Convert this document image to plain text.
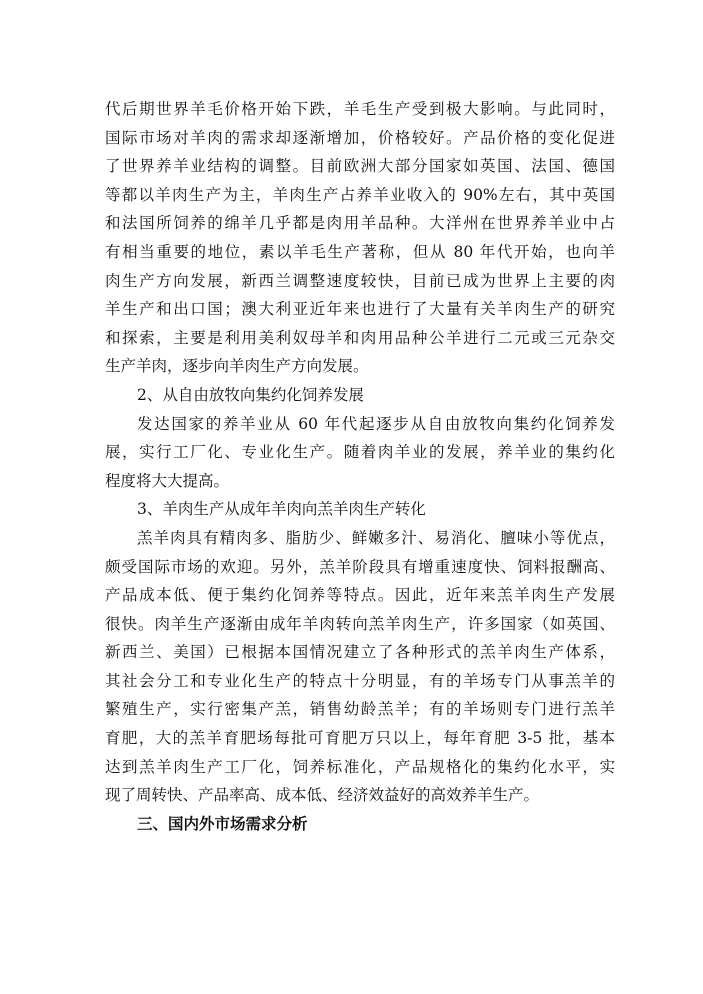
代后期世界羊毛价格开始下跌，羊毛生产受到极大影响。与此同时，
国际市场对羊肉的需求却逐渐增加，价格较好。产品价格的变化促进
了世界养羊业结构的调整。目前欧洲大部分国家如英国、法国、德国
等都以羊肉生产为主，羊肉生产占养羊业收入的 90%左右，其中英国
和法国所饲养的绵羊几乎都是肉用羊品种。大洋州在世界养羊业中占
有相当重要的地位，素以羊毛生产著称，但从 80 年代开始，也向羊
肉生产方向发展，新西兰调整速度较快，目前已成为世界上主要的肉
羊生产和出口国；澳大利亚近年来也进行了大量有关羊肉生产的研究
和探索，主要是利用美利奴母羊和肉用品种公羊进行二元或三元杂交
生产羊肉，逐步向羊肉生产方向发展。
2、从自由放牧向集约化饲养发展
发达国家的养羊业从 60 年代起逐步从自由放牧向集约化饲养发
展，实行工厂化、专业化生产。随着肉羊业的发展，养羊业的集约化
程度将大大提高。
3、羊肉生产从成年羊肉向羔羊肉生产转化
羔羊肉具有精肉多、脂肪少、鲜嫩多汁、易消化、膻味小等优点，
颇受国际市场的欢迎。另外，羔羊阶段具有增重速度快、饲料报酬高、
产品成本低、便于集约化饲养等特点。因此，近年来羔羊肉生产发展
很快。肉羊生产逐渐由成年羊肉转向羔羊肉生产，许多国家（如英国、
新西兰、美国）已根据本国情况建立了各种形式的羔羊肉生产体系，
其社会分工和专业化生产的特点十分明显，有的羊场专门从事羔羊的
繁殖生产，实行密集产羔，销售幼龄羔羊；有的羊场则专门进行羔羊
育肥，大的羔羊育肥场每批可育肥万只以上，每年育肥 3-5 批，基本
达到羔羊肉生产工厂化，饲养标准化，产品规格化的集约化水平，实
现了周转快、产品率高、成本低、经济效益好的高效养羊生产。
三、国内外市场需求分析
